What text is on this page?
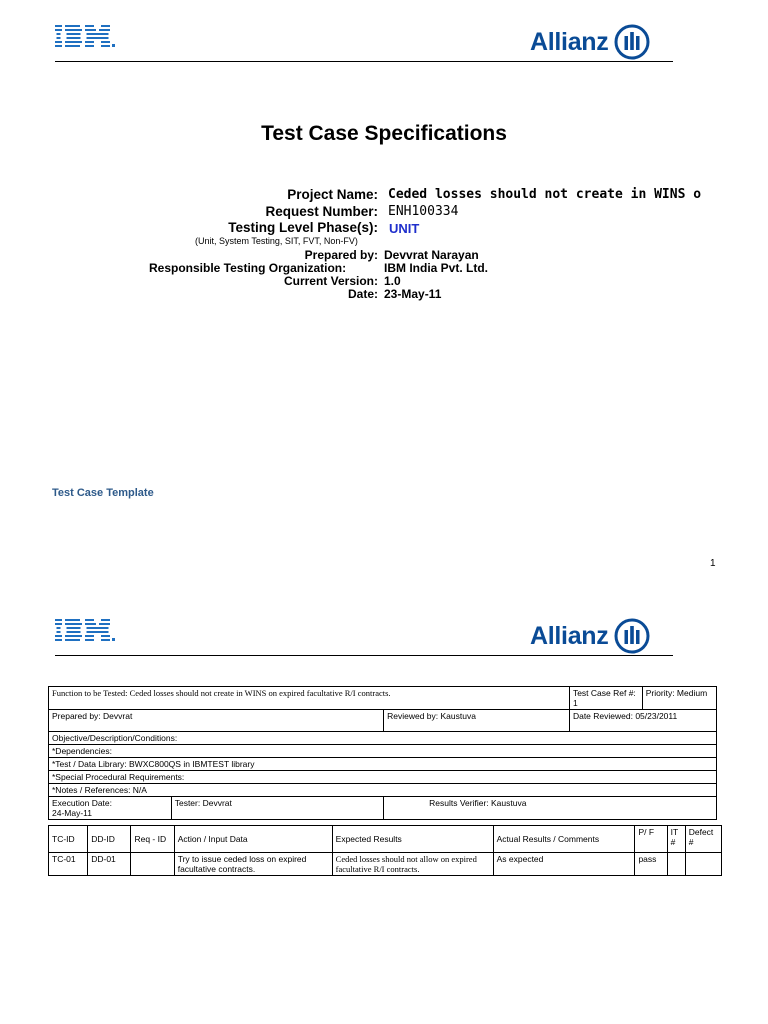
Allianz
Test Case Specifications
Project Name: Ceded losses should not create in WINS o
Request Number: ENH100334
Testing Level Phase(s): UNIT
(Unit, System Testing, SIT, FVT, Non-FV)
Prepared by: Devvrat Narayan
Responsible Testing Organization:	IBM India Pvt. Ltd.
Current Version: 1.0
Date: 23-May-11
Test Case Template
1
Allianz
Function to be Tested: Ceded losses should not create in WINS on expired facultative R/I contracts.			Test Case Ref #: 1	Priority: Medium
Prepared by: Devvrat		Reviewed by: Kaustuva	Date Reviewed: 05/23/2011	
Objective/Description/Conditions:				
*Dependencies:				
*Test / Data Library: BWXC800QS in IBMTEST library				
*Special Procedural Requirements:				
*Notes / References: N/A				

Execution Date:
24-May-11	Tester: Devvrat	Results Verifier: Kaustuva		
TC-ID	DD-ID	Req - ID	Action / Input Data	Expected Results	Actual Results / Comments	P/ F	IT #	Defect #
TC-01	DD-01		Try to issue ceded loss on expired facultative contracts.	Ceded losses should not allow on expired facultative R/I contracts.	As expected	pass		
